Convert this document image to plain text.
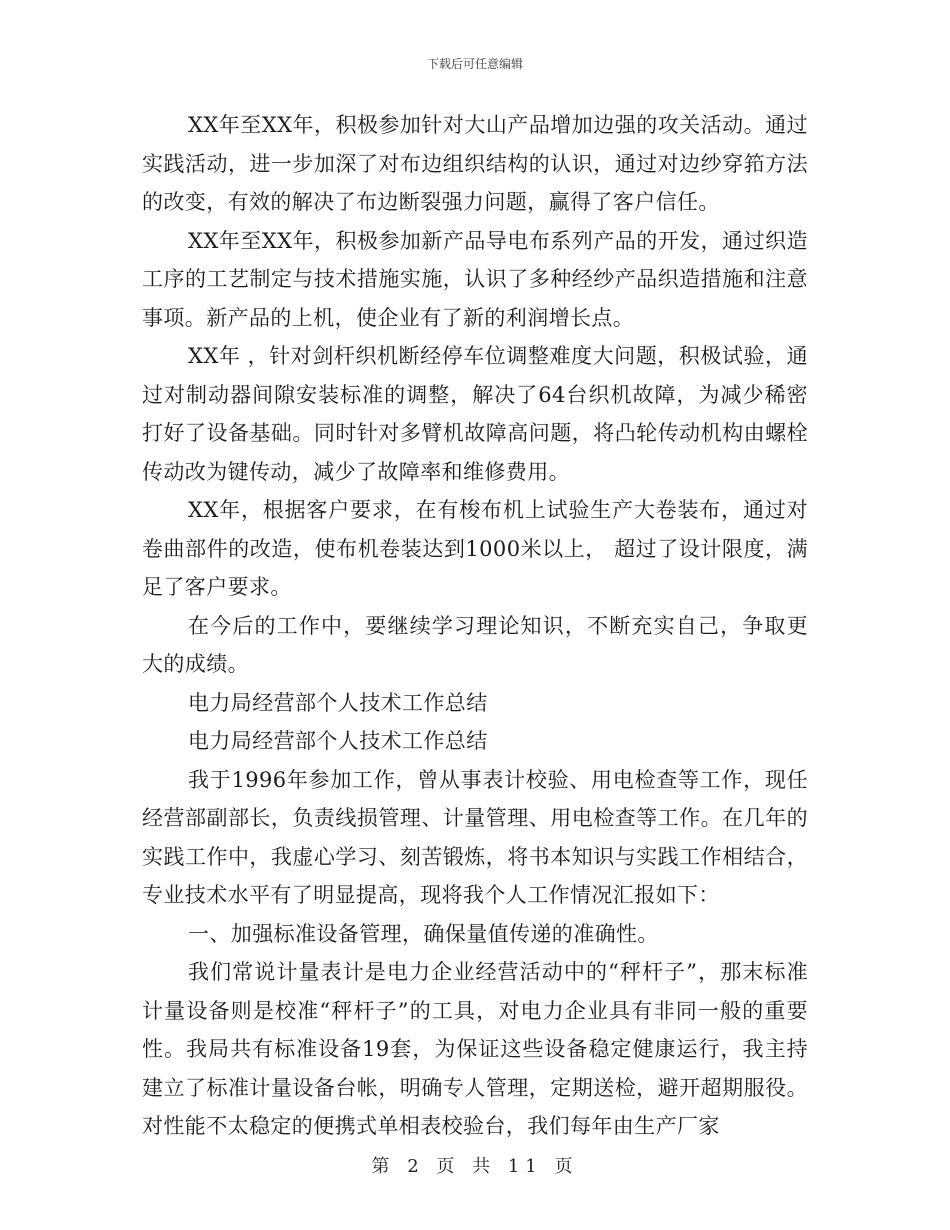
下载后可任意编辑

XX年至XX年，积极参加针对大山产品增加边强的攻关活动。通过实践活动，进一步加深了对布边组织结构的认识，通过对边纱穿筘方法的改变，有效的解决了布边断裂强力问题，赢得了客户信任。

XX年至XX年，积极参加新产品导电布系列产品的开发，通过织造工序的工艺制定与技术措施实施，认识了多种经纱产品织造措施和注意事项。新产品的上机，使企业有了新的利润增长点。

XX年 ，针对剑杆织机断经停车位调整难度大问题，积极试验，通过对制动器间隙安装标准的调整，解决了64台织机故障，为减少稀密打好了设备基础。同时针对多臂机故障高问题，将凸轮传动机构由螺栓传动改为键传动，减少了故障率和维修费用。

XX年，根据客户要求，在有梭布机上试验生产大卷装布，通过对卷曲部件的改造，使布机卷装达到1000米以上， 超过了设计限度，满足了客户要求。

在今后的工作中，要继续学习理论知识，不断充实自己，争取更大的成绩。

电力局经营部个人技术工作总结

电力局经营部个人技术工作总结

我于1996年参加工作，曾从事表计校验、用电检查等工作，现任经营部副部长，负责线损管理、计量管理、用电检查等工作。在几年的实践工作中，我虚心学习、刻苦锻炼，将书本知识与实践工作相结合，专业技术水平有了明显提高，现将我个人工作情况汇报如下：

一、加强标准设备管理，确保量值传递的准确性。

我们常说计量表计是电力企业经营活动中的“秤杆子”，那末标准计量设备则是校准“秤杆子”的工具，对电力企业具有非同一般的重要性。我局共有标准设备19套，为保证这些设备稳定健康运行，我主持建立了标准计量设备台帐，明确专人管理，定期送检，避开超期服役。对性能不太稳定的便携式单相表校验台，我们每年由生产厂家

第 2 页 共 11 页
